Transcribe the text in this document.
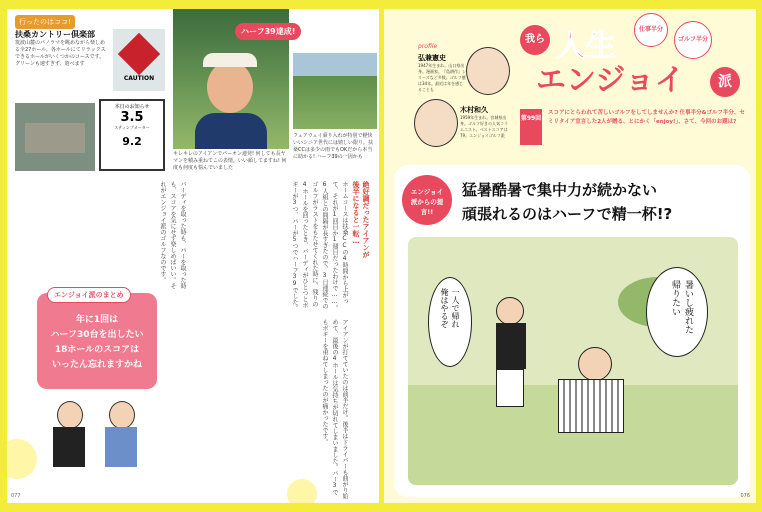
行ったのはココ!
扶桑カントリー倶楽部
筑波山麓のパノラマを眺めながら楽しめる全27ホール。各ホールにてリラックスできるホールがいくつかのコースです。グリーンも速すぎず、遊べます
CAUTION
本日のお知らせ
3.5
スティンプメーター
9.2
ハーフ39達成!
キレキレのアイアンでパーオン連発! 何しても長ヤマンを積み重ねてこの表情。いい顔してますね! 何度も何度も悩んでいました
フェアウェイ乗り入れが特別で軽快いいシニア世代には嬉しい限り。扶桑CCは多少の雨でもOKだから本当に助かる! ハーフ39の一因かも
絶好調だったアイアンが
後半になると一転…
ホームコースは扶桑CCの4時間から上がって、それが1回目か1週目だったわけで……。6人組との間隔が長すぎたので、3日連続でのゴルフがラストをもたせてくれた時に、残りの4ホールを回ったとき、バーディがひとつとボギーが3つ、パーが5つでハーフ39でした。
アイアンが打てていたのは前半だけ。後半はドライバーも曲がり始めて、最後の4ホールは気持ちが切れてしまいました。パー3でもボギーを重ねてしまったのが痛かったです。
バーディを取った時も、パーを取った時も、スコアを気にせず楽しめばいい。それがエンジョイ派のゴルフなのです。
エンジョイ派のまとめ
年に1回は
ハーフ30台を出したい
18ホールのスコアは
いったん忘れますかね
077
profile
弘兼憲史
1947年生まれ。山口県出身。漫画家。『島耕作』シリーズなど多数。ゴルフ歴は34年。最近は年を感じることも
木村和久
1959年生まれ。宮城県出身。ゴルフ好きの人気コラムニスト。ベストスコアは79。エンジョイゴルフ派
我ら 人生
エンジョイ	派
仕事半分
ゴルフ半分
第99回
スコアにとらわれて苦しいゴルフをしてしませんか? 仕事半分&ゴルフ半分、セミリタイア宣言した2人が贈る、とにかく「enjoy!」、さて、今回のお題は?
エンジョイ派からの提言!!
猛暑酷暑で集中力が続かない
頑張れるのはハーフで精一杯!?
一人で帰れ
俺はやるぞ	暑いし疲れた
帰りたい
076
